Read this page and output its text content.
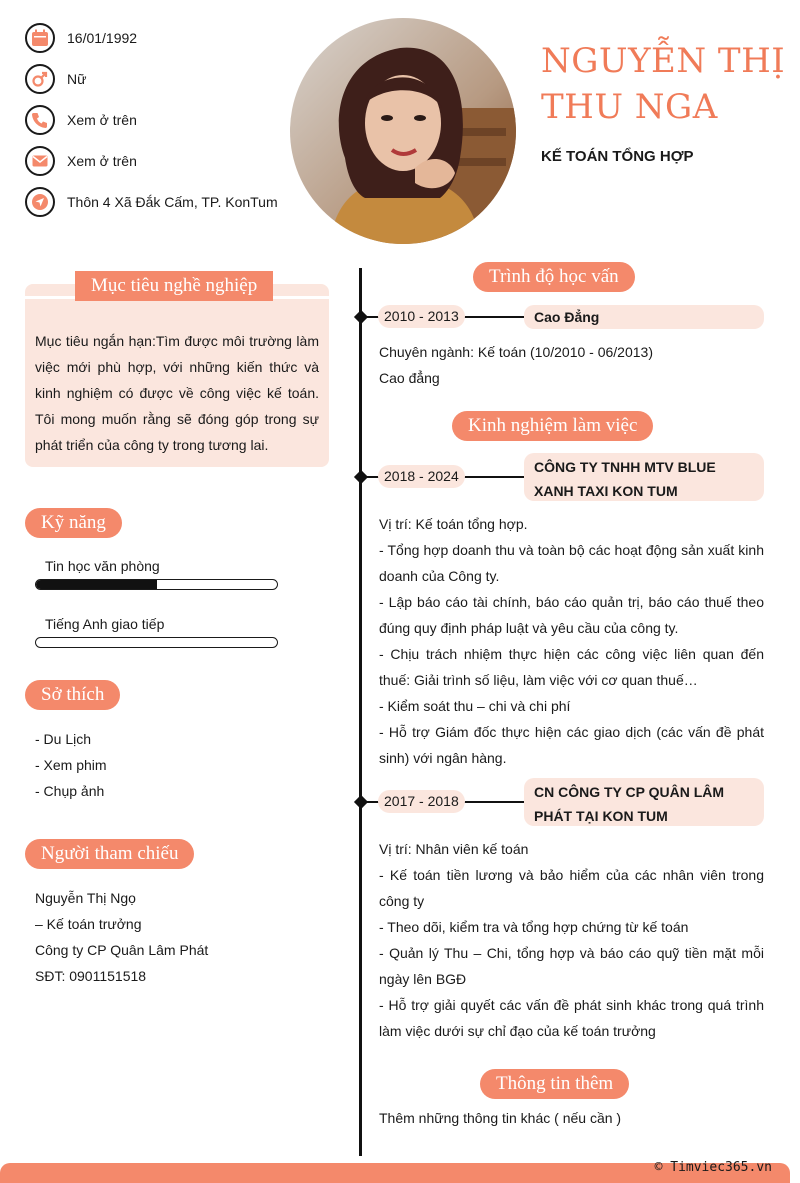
16/01/1992
Nữ
Xem ở trên
Xem ở trên
Thôn 4 Xã Đắk Cấm, TP. KonTum
NGUYỄN THỊ
THU NGA
KẾ TOÁN TỔNG HỢP
Mục tiêu nghề nghiệp
Mục tiêu ngắn hạn:Tìm được môi trường làm việc mới phù hợp, với những kiến thức và kinh nghiệm có được về công việc kế toán. Tôi mong muốn rằng sẽ đóng góp trong sự phát triển của công ty trong tương lai.
Kỹ năng
Tin học văn phòng
Tiếng Anh giao tiếp
Sở thích
- Du Lịch
- Xem phim
- Chụp ảnh
Người tham chiếu
Nguyễn Thị Ngọ
– Kế toán trưởng
Công ty CP Quân Lâm Phát
SĐT: 0901151518
Trình độ học vấn
Cao Đẳng
2010 - 2013
Chuyên ngành: Kế toán (10/2010 - 06/2013)
Cao đẳng
Kinh nghiệm làm việc
CÔNG TY TNHH MTV BLUE XANH TAXI KON TUM
2018 - 2024
Vị trí: Kế toán tổng hợp.
- Tổng hợp doanh thu và toàn bộ các hoạt động sản xuất kinh doanh của Công ty.
- Lập báo cáo tài chính, báo cáo quản trị, báo cáo thuế theo đúng quy định pháp luật và yêu cầu của công ty.
- Chịu trách nhiệm thực hiện các công việc liên quan đến thuế: Giải trình số liệu, làm việc với cơ quan thuế…
- Kiểm soát thu – chi và chi phí
- Hỗ trợ Giám đốc thực hiện các giao dịch (các vấn đề phát sinh) với ngân hàng.
CN CÔNG TY CP QUÂN LÂM PHÁT TẠI KON TUM
2017 - 2018
Vị trí: Nhân viên kế toán
- Kế toán tiền lương và bảo hiểm của các nhân viên trong công ty
- Theo dõi, kiểm tra và tổng hợp chứng từ kế toán
- Quản lý Thu – Chi, tổng hợp và báo cáo quỹ tiền mặt mỗi ngày lên BGĐ
- Hỗ trợ giải quyết các vấn đề phát sinh khác trong quá trình làm việc dưới sự chỉ đạo của kế toán trưởng
Thông tin thêm
Thêm những thông tin khác ( nếu cần )
© Timviec365.vn
